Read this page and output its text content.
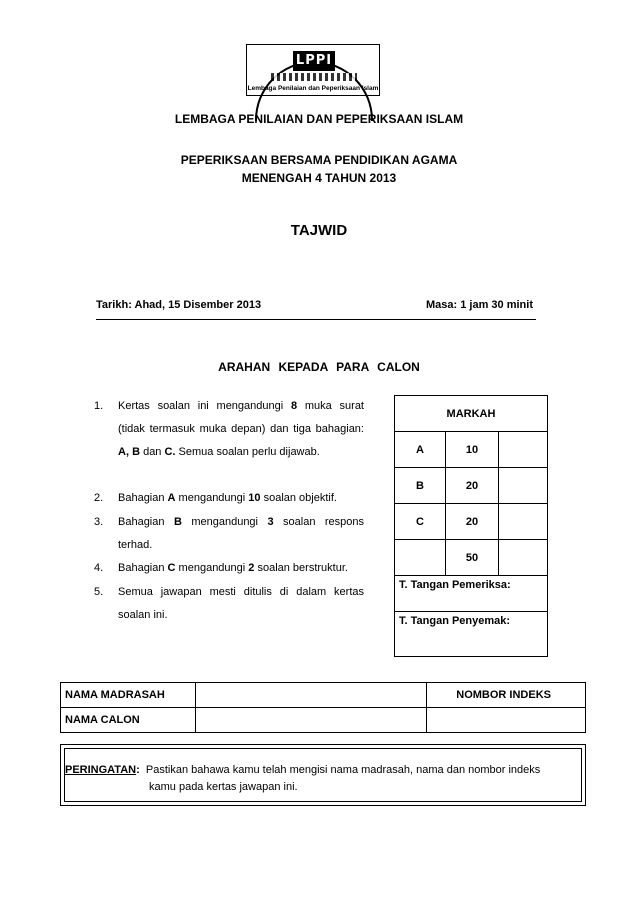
LPPI
Lembaga Penilaian dan Peperiksaan Islam
LEMBAGA PENILAIAN DAN PEPERIKSAAN ISLAM
PEPERIKSAAN BERSAMA PENDIDIKAN AGAMA
MENENGAH 4 TAHUN 2013
TAJWID
Tarikh: Ahad, 15 Disember 2013	Masa: 1 jam 30 minit
ARAHAN KEPADA PARA CALON
1.	Kertas soalan ini mengandungi 8 muka surat (tidak termasuk muka depan) dan tiga bahagian: A, B dan C. Semua soalan perlu dijawab.
2.	Bahagian A mengandungi 10 soalan objektif.
3.	Bahagian B mengandungi 3 soalan respons terhad.
4.	Bahagian C mengandungi 2 soalan berstruktur.
5.	Semua jawapan mesti ditulis di dalam kertas soalan ini.
MARKAH		
A	10	
B	20	
C	20	
	50	
T. Tangan Pemeriksa:		
T. Tangan Penyemak:		
NAMA MADRASAH		NOMBOR INDEKS
NAMA CALON		
PERINGATAN: Pastikan bahawa kamu telah mengisi nama madrasah, nama dan nombor indeks
kamu pada kertas jawapan ini.
